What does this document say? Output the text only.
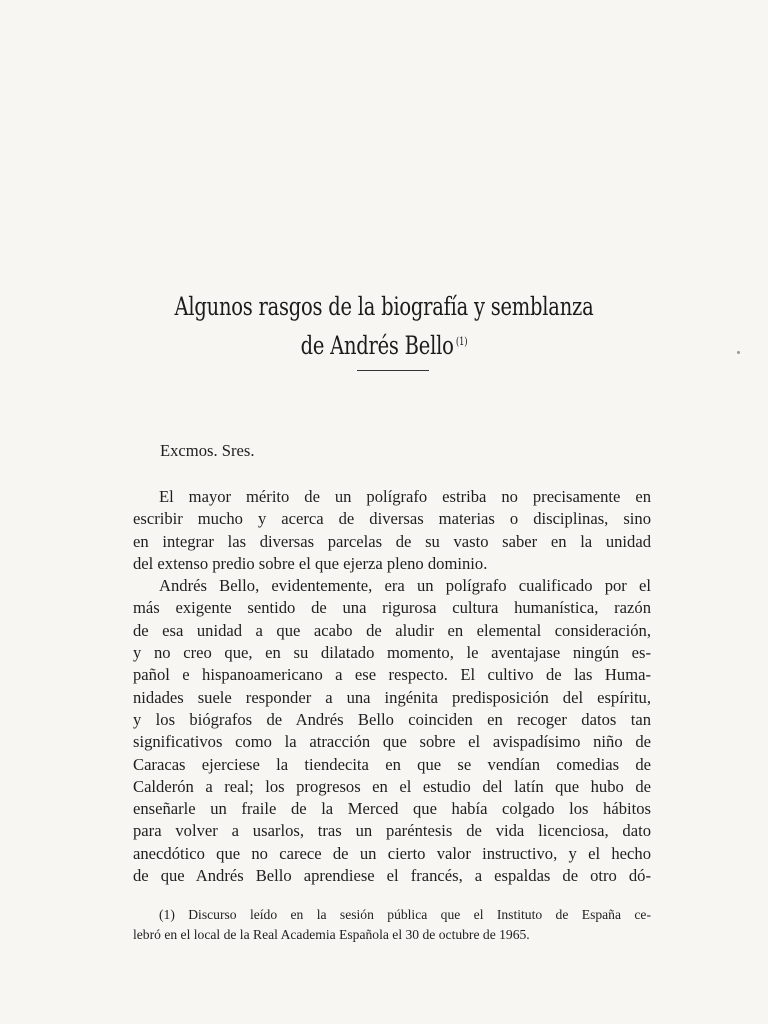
Algunos rasgos de la biografía y semblanza
de Andrés Bello $^{(1)}$
Excmos. Sres.
El mayor mérito de un polígrafo estriba no precisamente en
escribir mucho y acerca de diversas materias o disciplinas, sino
en integrar las diversas parcelas de su vasto saber en la unidad
del extenso predio sobre el que ejerza pleno dominio.
Andrés Bello, evidentemente, era un polígrafo cualificado por el
más exigente sentido de una rigurosa cultura humanística, razón
de esa unidad a que acabo de aludir en elemental consideración,
y no creo que, en su dilatado momento, le aventajase ningún es-
pañol e hispanoamericano a ese respecto. El cultivo de las Huma-
nidades suele responder a una ingénita predisposición del espíritu,
y los biógrafos de Andrés Bello coinciden en recoger datos tan
significativos como la atracción que sobre el avispadísimo niño de
Caracas ejerciese la tiendecita en que se vendían comedias de
Calderón a real; los progresos en el estudio del latín que hubo de
enseñarle un fraile de la Merced que había colgado los hábitos
para volver a usarlos, tras un paréntesis de vida licenciosa, dato
anecdótico que no carece de un cierto valor instructivo, y el hecho
de que Andrés Bello aprendiese el francés, a espaldas de otro dó-
(1) Discurso leído en la sesión pública que el Instituto de España ce-
lebró en el local de la Real Academia Española el 30 de octubre de 1965.
